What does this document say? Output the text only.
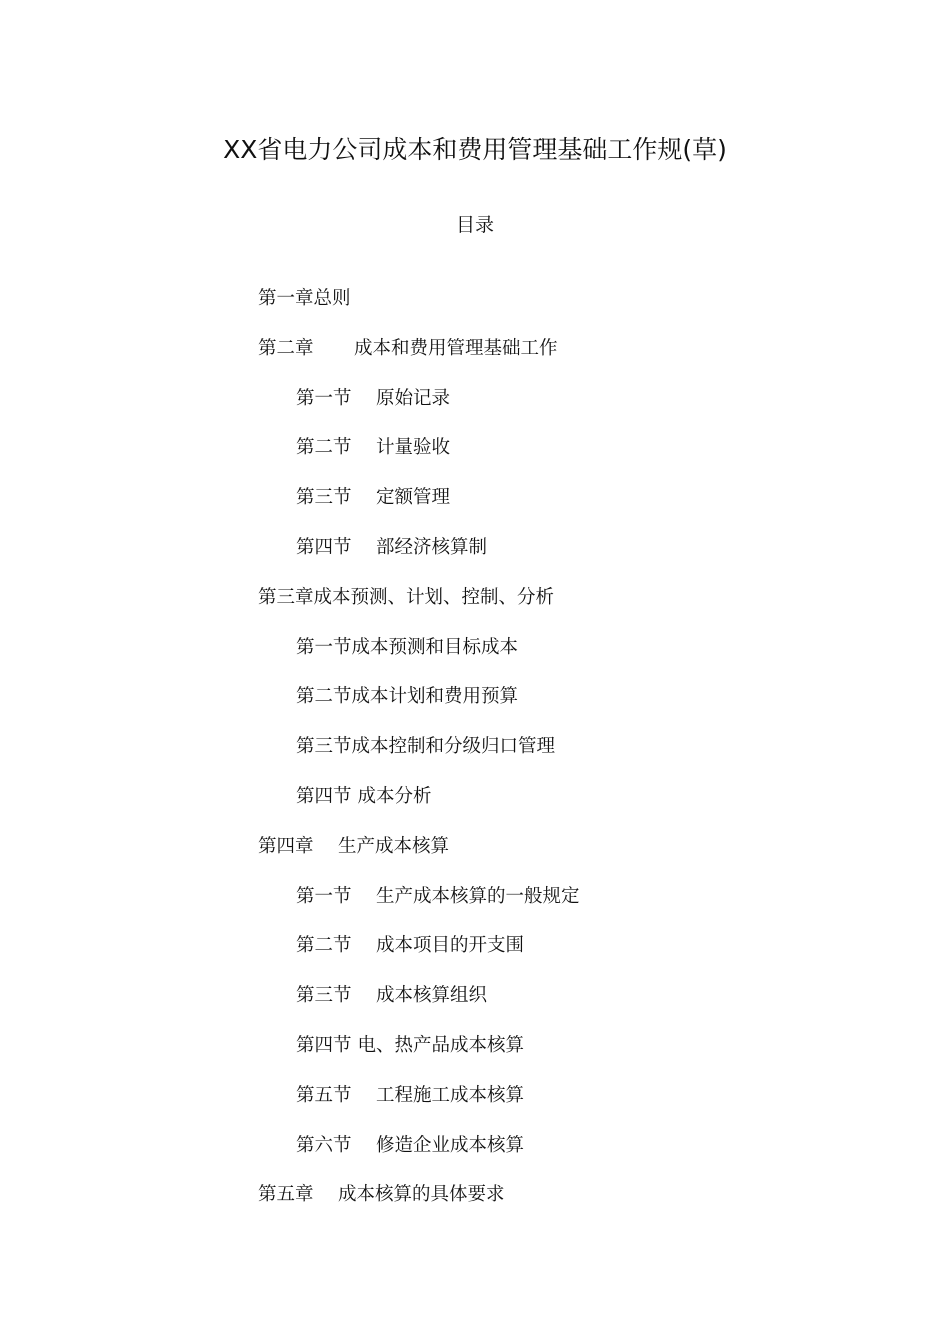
XX省电力公司成本和费用管理基础工作规(草)
目录
第一章总则
第二章 成本和费用管理基础工作
第一节 原始记录
第二节 计量验收
第三节 定额管理
第四节 部经济核算制
第三章成本预测、计划、控制、分析
第一节成本预测和目标成本
第二节成本计划和费用预算
第三节成本控制和分级归口管理
第四节 成本分析
第四章 生产成本核算
第一节 生产成本核算的一般规定
第二节 成本项目的开支围
第三节 成本核算组织
第四节 电、热产品成本核算
第五节 工程施工成本核算
第六节 修造企业成本核算
第五章 成本核算的具体要求
